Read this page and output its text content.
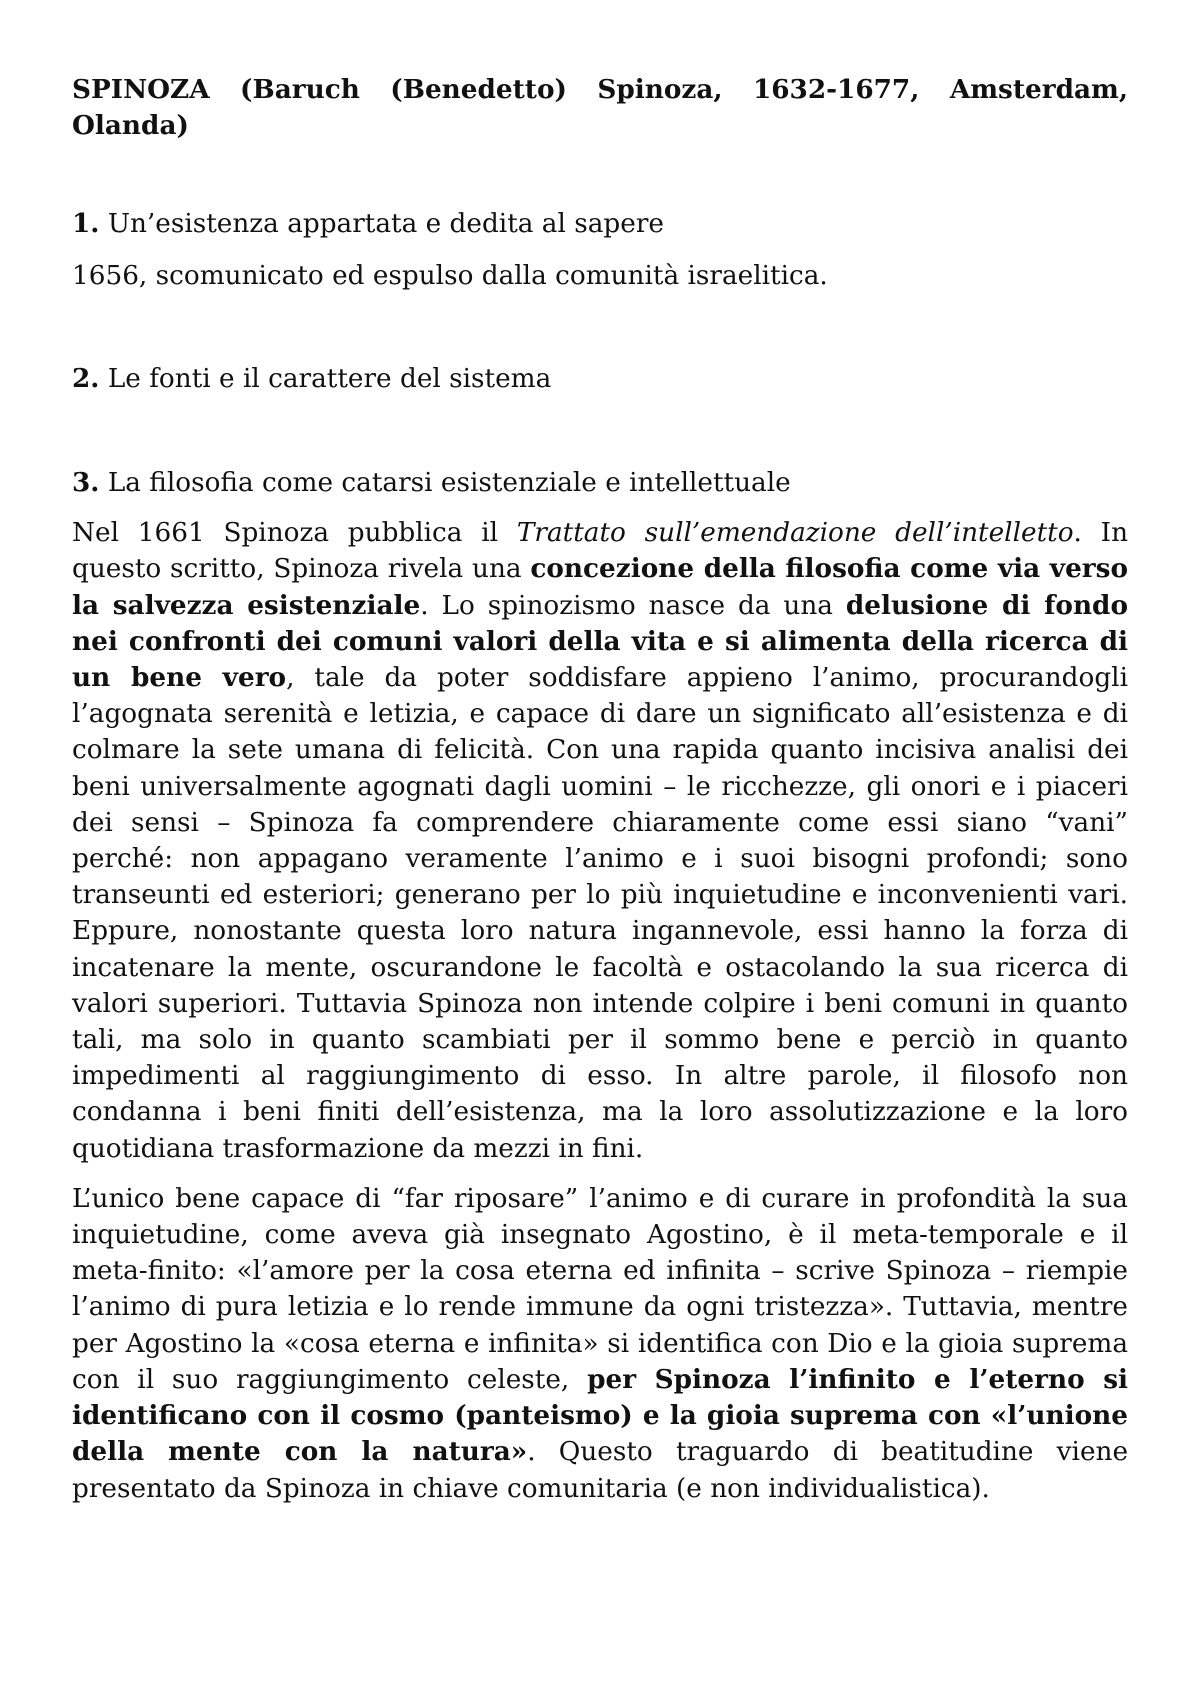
SPINOZA (Baruch (Benedetto) Spinoza, 1632-1677, Amsterdam, Olanda)

1. Un’esistenza appartata e dedita al sapere

1656, scomunicato ed espulso dalla comunità israelitica.

2. Le fonti e il carattere del sistema

3. La filosofia come catarsi esistenziale e intellettuale

Nel 1661 Spinoza pubblica il Trattato sull’emendazione dell’intelletto. In questo scritto, Spinoza rivela una concezione della filosofia come via verso la salvezza esistenziale. Lo spinozismo nasce da una delusione di fondo nei confronti dei comuni valori della vita e si alimenta della ricerca di un bene vero, tale da poter soddisfare appieno l’animo, procurandogli l’agognata serenità e letizia, e capace di dare un significato all’esistenza e di colmare la sete umana di felicità. Con una rapida quanto incisiva analisi dei beni universalmente agognati dagli uomini – le ricchezze, gli onori e i piaceri dei sensi – Spinoza fa comprendere chiaramente come essi siano “vani” perché: non appagano veramente l’animo e i suoi bisogni profondi; sono transeunti ed esteriori; generano per lo più inquietudine e inconvenienti vari. Eppure, nonostante questa loro natura ingannevole, essi hanno la forza di incatenare la mente, oscurandone le facoltà e ostacolando la sua ricerca di valori superiori. Tuttavia Spinoza non intende colpire i beni comuni in quanto tali, ma solo in quanto scambiati per il sommo bene e perciò in quanto impedimenti al raggiungimento di esso. In altre parole, il filosofo non condanna i beni finiti dell’esistenza, ma la loro assolutizzazione e la loro quotidiana trasformazione da mezzi in fini.

L’unico bene capace di “far riposare” l’animo e di curare in profondità la sua inquietudine, come aveva già insegnato Agostino, è il meta-temporale e il meta-finito: «l’amore per la cosa eterna ed infinita – scrive Spinoza – riempie l’animo di pura letizia e lo rende immune da ogni tristezza». Tuttavia, mentre per Agostino la «cosa eterna e infinita» si identifica con Dio e la gioia suprema con il suo raggiungimento celeste, per Spinoza l’infinito e l’eterno si identificano con il cosmo (panteismo) e la gioia suprema con «l’unione della mente con la natura». Questo traguardo di beatitudine viene presentato da Spinoza in chiave comunitaria (e non individualistica).
